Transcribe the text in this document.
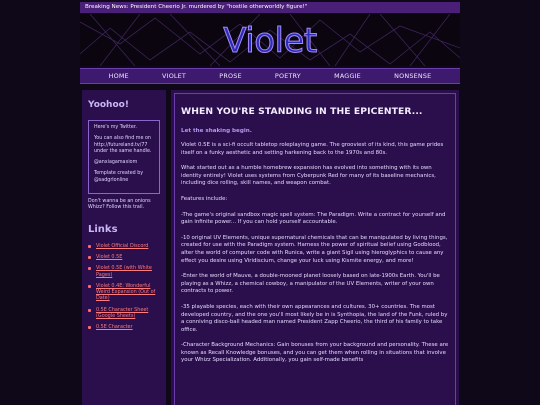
Breaking News: President Cheerio Jr. murdered by "hostile otherworldly figure!"
Violet
HOME	VIOLET	PROSE	POETRY	MAGGIE	NONSENSE
Yoohoo!

Here's my Twitter.

You can also find me on http://futureland.tv/77 under the same handle.

@anxiagamaxiom

Template created by @sadgrlonline

Don't wanna be an onions Whizz? Follow this trail.
Links
Violet Official Discord
Violet 0.5E
Violet 0.5E (with White Pages)
Violet 0.4E: Wonderful Weird Expansion (Out of Date)
0.5E Character Sheet (Google Sheets)
0.5E Character
WHEN YOU'RE STANDING IN THE EPICENTER...
Let the shaking begin.

Violet 0.5E is a sci-fi occult tabletop roleplaying game. The grooviest of its kind, this game prides itself on a funky aesthetic and setting harkening back to the 1970s and 80s.

What started out as a humble homebrew expansion has evolved into something with its own identity entirely! Violet uses systems from Cyberpunk Red for many of its baseline mechanics, including dice rolling, skill names, and weapon combat.

Features include:

-The game's original sandbox magic spell system: The Paradigm. Write a contract for yourself and gain infinite power... If you can hold yourself accountable.

-10 original UV Elements, unique supernatural chemicals that can be manipulated by living things, created for use with the Paradigm system. Harness the power of spiritual belief using Godblood, alter the world of computer code with Runica, write a giant Sigil using hieroglyphics to cause any effect you desire using Viridiscium, change your luck using Kismite energy, and more!

-Enter the world of Mauve, a double-mooned planet loosely based on late-1900s Earth. You'll be playing as a Whizz, a chemical cowboy, a manipulator of the UV Elements, writer of your own contracts to power.

-35 playable species, each with their own appearances and cultures. 30+ countries. The most developed country, and the one you'll most likely be in is Synthopia, the land of the Funk, ruled by a conniving disco-ball headed man named President Zapp Cheerio, the third of his family to take office.

-Character Background Mechanics: Gain bonuses from your background and personality. These are known as Recall Knowledge bonuses, and you can get them when rolling in situations that involve your Whizz Specialization. Additionally, you gain self-made benefits
